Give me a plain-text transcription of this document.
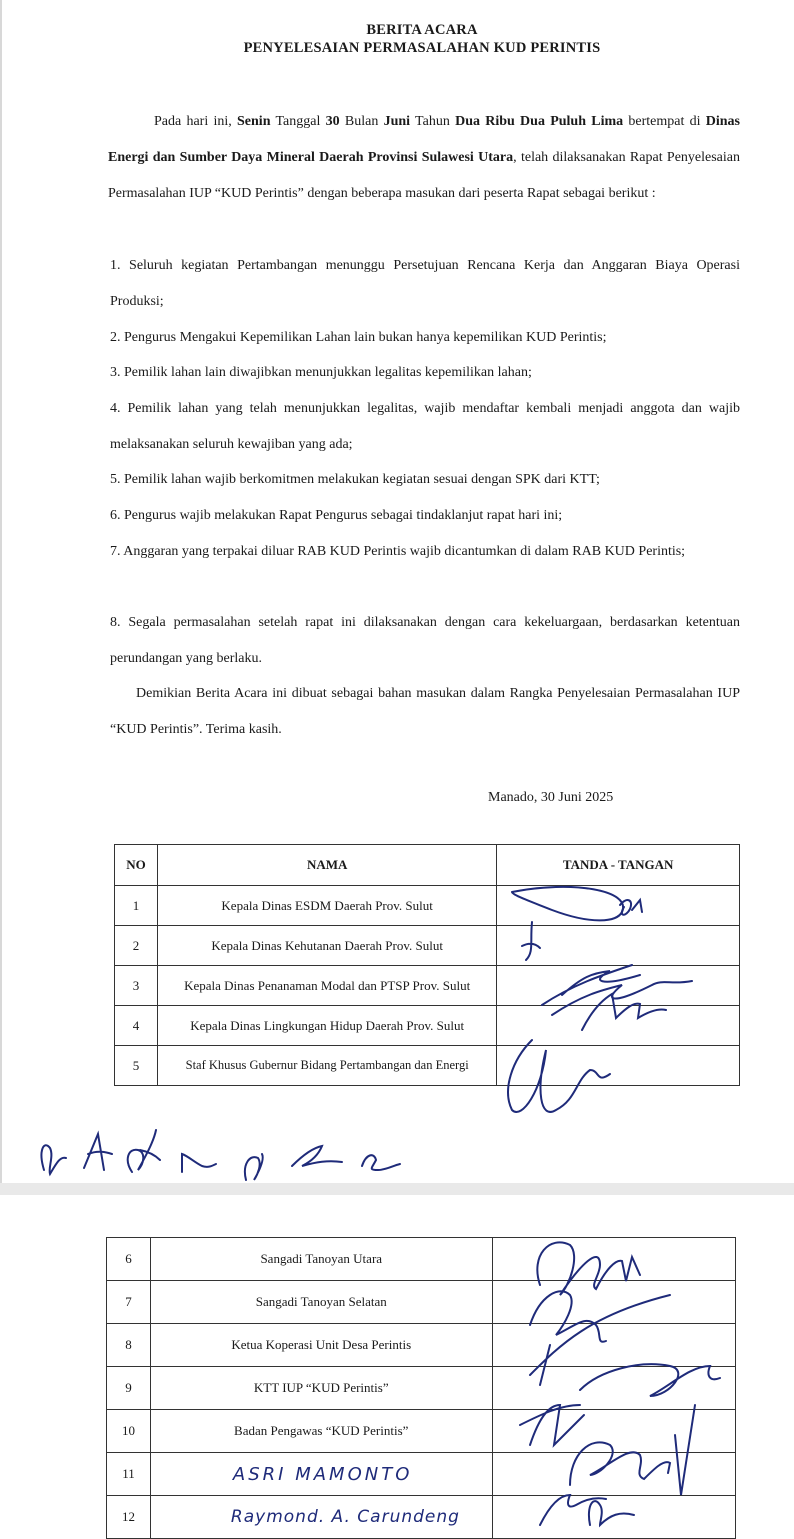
BERITA ACARA
PENYELESAIAN PERMASALAHAN KUD PERINTIS
Pada hari ini, Senin Tanggal 30 Bulan Juni Tahun Dua Ribu Dua Puluh Lima bertempat di Dinas Energi dan Sumber Daya Mineral Daerah Provinsi Sulawesi Utara, telah dilaksanakan Rapat Penyelesaian Permasalahan IUP “KUD Perintis” dengan beberapa masukan dari peserta Rapat sebagai berikut :
1. Seluruh kegiatan Pertambangan menunggu Persetujuan Rencana Kerja dan Anggaran Biaya Operasi Produksi;
2. Pengurus Mengakui Kepemilikan Lahan lain bukan hanya kepemilikan KUD Perintis;
3. Pemilik lahan lain diwajibkan menunjukkan legalitas kepemilikan lahan;
4. Pemilik lahan yang telah menunjukkan legalitas, wajib mendaftar kembali menjadi anggota dan wajib melaksanakan seluruh kewajiban yang ada;
5. Pemilik lahan wajib berkomitmen melakukan kegiatan sesuai dengan SPK dari KTT;
6. Pengurus wajib melakukan Rapat Pengurus sebagai tindaklanjut rapat hari ini;
7. Anggaran yang terpakai diluar RAB KUD Perintis wajib dicantumkan di dalam RAB KUD Perintis;
8. Segala permasalahan setelah rapat ini dilaksanakan dengan cara kekeluargaan, berdasarkan ketentuan perundangan yang berlaku.
Demikian Berita Acara ini dibuat sebagai bahan masukan dalam Rangka Penyelesaian Permasalahan IUP “KUD Perintis”. Terima kasih.
Manado, 30 Juni 2025
NO	NAMA	TANDA - TANGAN
1	Kepala Dinas ESDM Daerah Prov. Sulut	
2	Kepala Dinas Kehutanan Daerah Prov. Sulut	
3	Kepala Dinas Penanaman Modal dan PTSP Prov. Sulut	
4	Kepala Dinas Lingkungan Hidup Daerah Prov. Sulut	
5	Staf Khusus Gubernur Bidang Pertambangan dan Energi	
6	Sangadi Tanoyan Utara	
7	Sangadi Tanoyan Selatan	
8	Ketua Koperasi Unit Desa Perintis	
9	KTT IUP “KUD Perintis”	
10	Badan Pengawas “KUD Perintis”	
11	ASRI MAMONTO	
12	Raymond. A. Carundeng	
